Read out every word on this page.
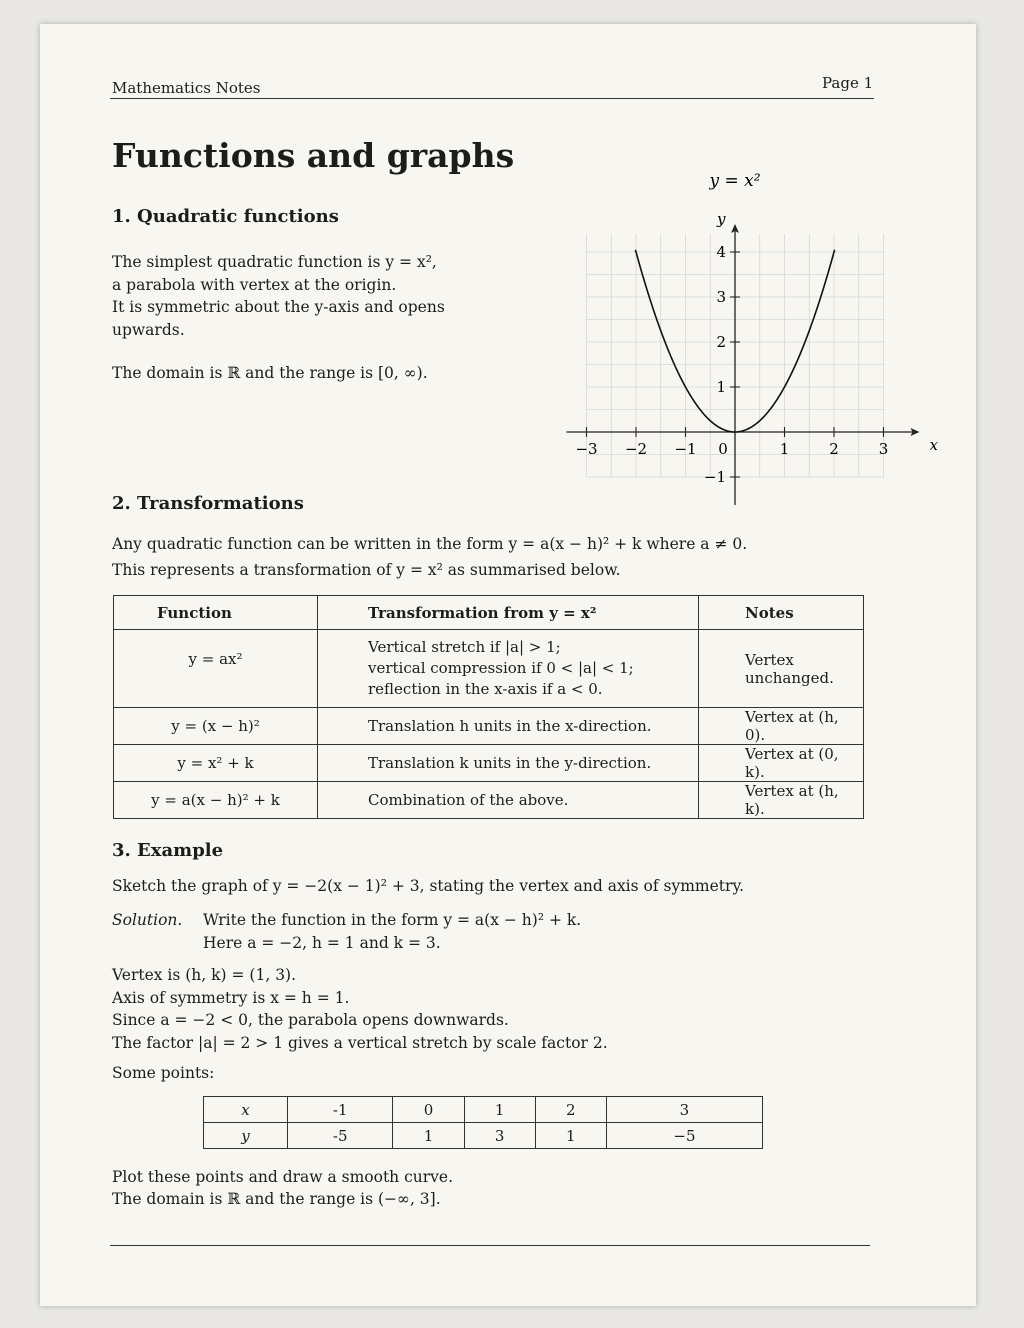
Mathematics Notes	Page 1
Functions and graphs
1. Quadratic functions

The simplest quadratic function is y = x²,

a parabola with vertex at the origin.

It is symmetric about the y-axis and opens

upwards.

The domain is ℝ and the range is [0, ∞).

x
y
y = x²
−3 −2 −1 0	1	2	3
−1
1
2
3
4
2. Transformations

Any quadratic function can be written in the form y = a(x − h)² + k where a ≠ 0.

This represents a transformation of y = x² as summarised below.

Function	Transformation from y = x²	Notes
y = ax²	Vertical stretch if |a| > 1;
vertical compression if 0 < |a| < 1;
reflection in the x-axis if a < 0.	Vertex unchanged.
y = (x − h)²	Translation h units in the x-direction.	Vertex at (h, 0).
y = x² + k	Translation k units in the y-direction.	Vertex at (0, k).
y = a(x − h)² + k	Combination of the above.	Vertex at (h, k).
3. Example

Sketch the graph of y = −2(x − 1)² + 3, stating the vertex and axis of symmetry.

Solution. Write the function in the form y = a(x − h)² + k.

Here a = −2, h = 1 and k = 3.

Vertex is (h, k) = (1, 3).

Axis of symmetry is x = h = 1.

Since a = −2 < 0, the parabola opens downwards.

The factor |a| = 2 > 1 gives a vertical stretch by scale factor 2.

Some points:

x	-1	0	1	2	3
y	-5	1	3	1	−5

Plot these points and draw a smooth curve.

The domain is ℝ and the range is (−∞, 3].
